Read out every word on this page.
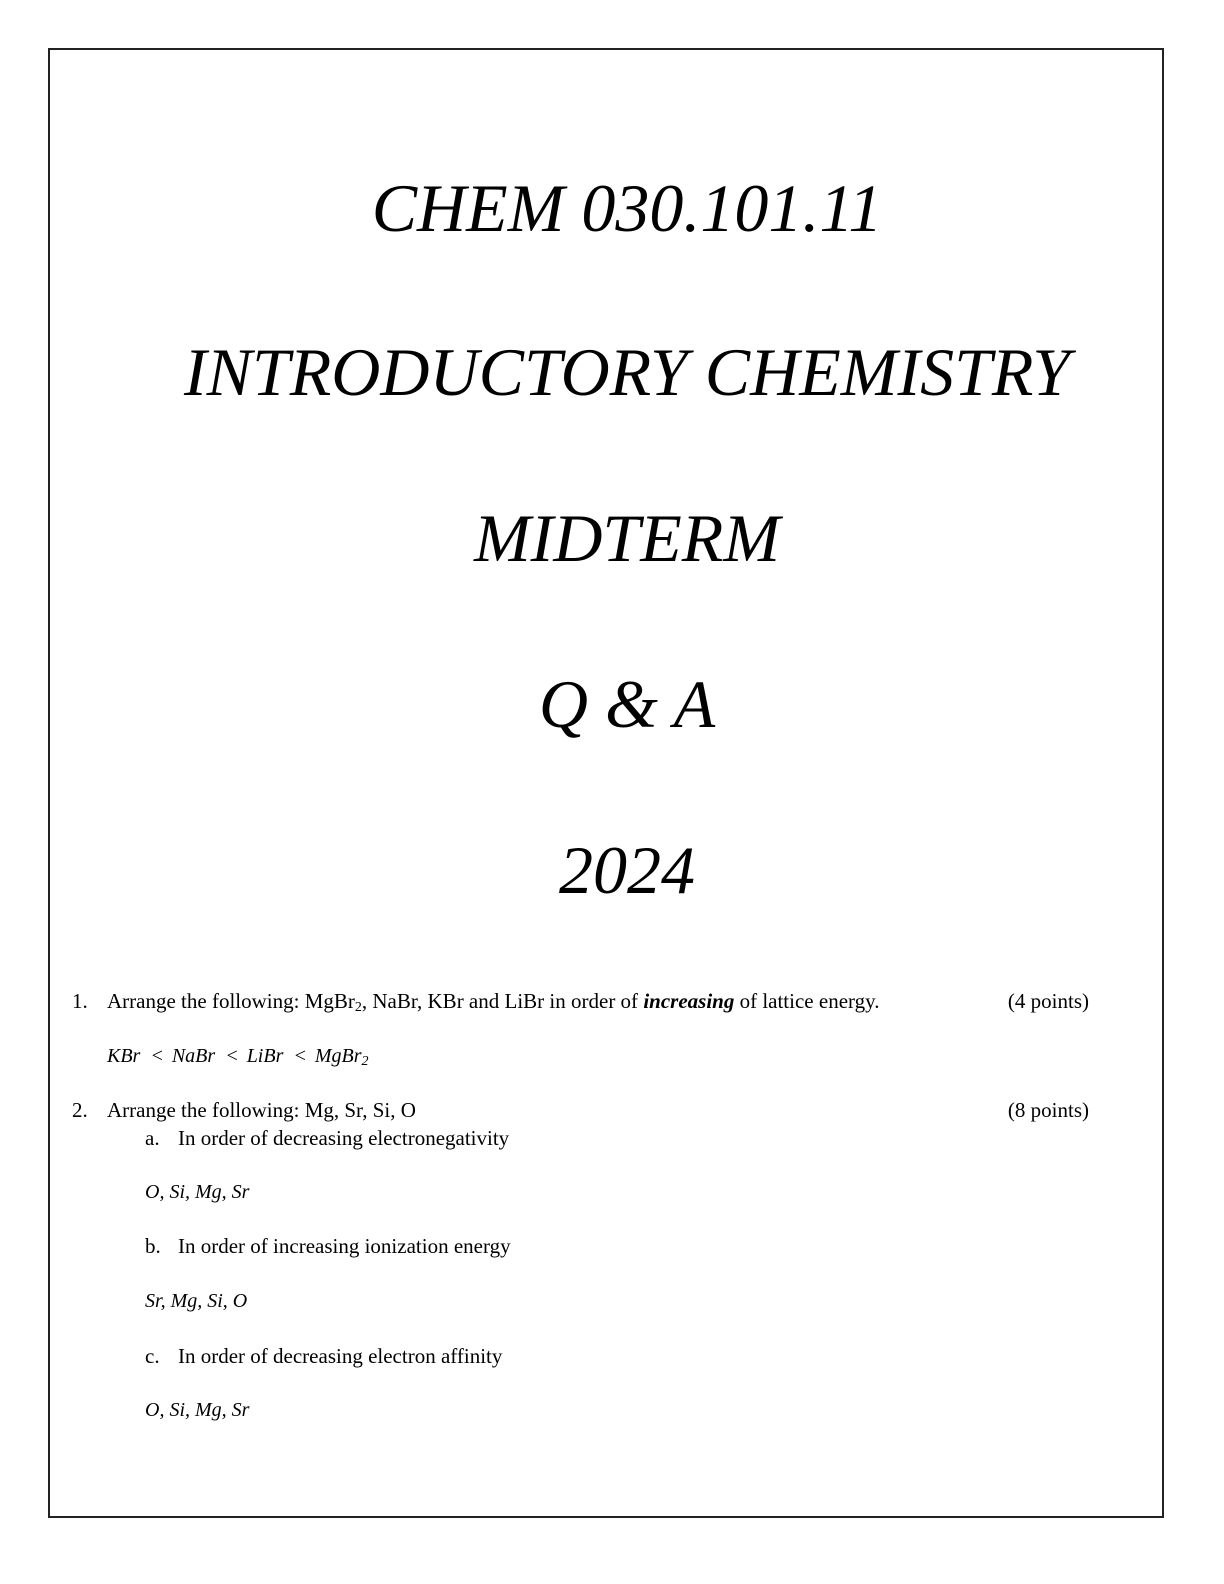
CHEM 030.101.11
INTRODUCTORY CHEMISTRY
MIDTERM
Q & A
2024
1. Arrange the following: MgBr$_2$, NaBr, KBr and LiBr in order of increasing of lattice energy.	(4 points)
KBr < NaBr < LiBr < MgBr$_2$
2. Arrange the following: Mg, Sr, Si, O	(8 points)
a. In order of decreasing electronegativity
O, Si, Mg, Sr
b. In order of increasing ionization energy
Sr, Mg, Si, O
c. In order of decreasing electron affinity
O, Si, Mg, Sr
